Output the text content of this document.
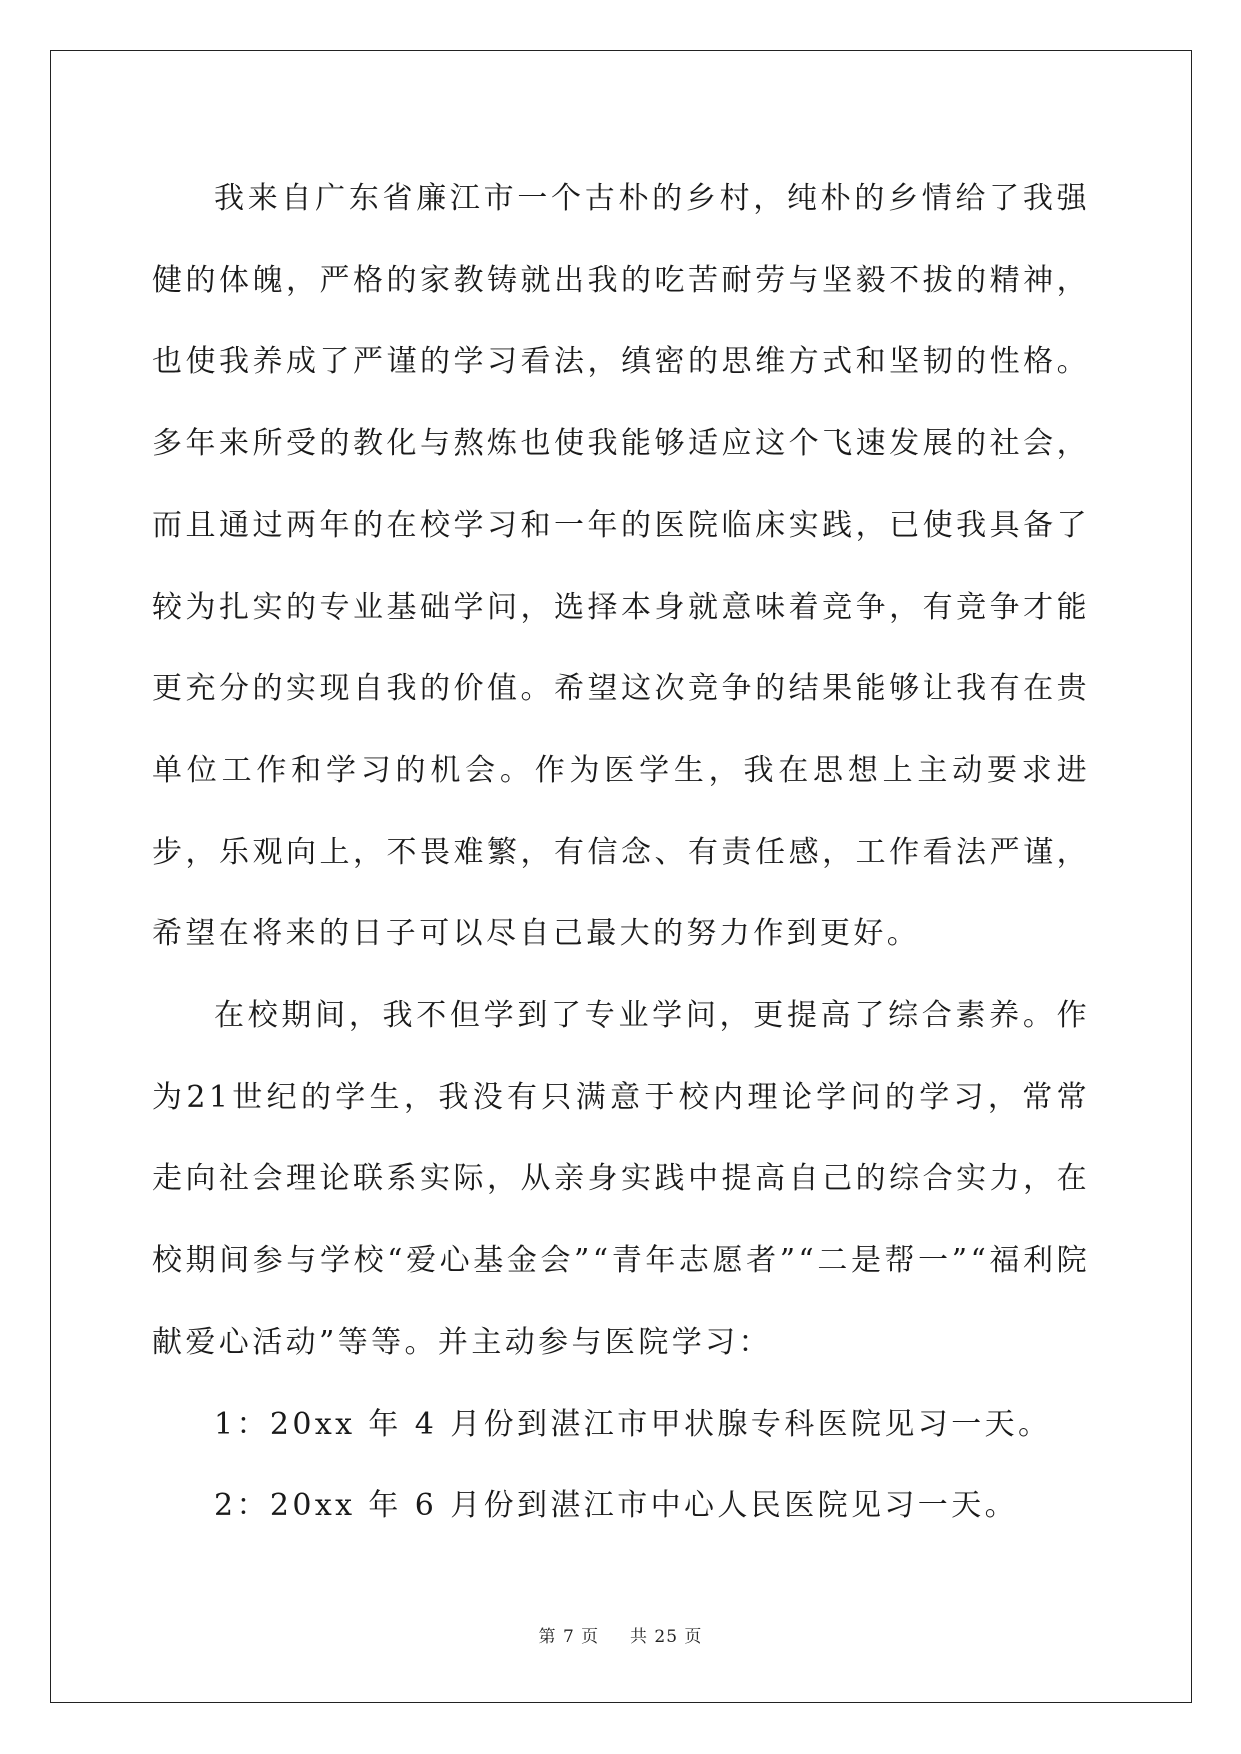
我来自广东省廉江市一个古朴的乡村，纯朴的乡情给了我强健的体魄，严格的家教铸就出我的吃苦耐劳与坚毅不拔的精神，也使我养成了严谨的学习看法，缜密的思维方式和坚韧的性格。多年来所受的教化与熬炼也使我能够适应这个飞速发展的社会，而且通过两年的在校学习和一年的医院临床实践，已使我具备了较为扎实的专业基础学问，选择本身就意味着竞争，有竞争才能更充分的实现自我的价值。希望这次竞争的结果能够让我有在贵单位工作和学习的机会。作为医学生，我在思想上主动要求进步，乐观向上，不畏难繁，有信念、有责任感，工作看法严谨，希望在将来的日子可以尽自己最大的努力作到更好。

在校期间，我不但学到了专业学问，更提高了综合素养。作为21世纪的学生，我没有只满意于校内理论学问的学习，常常走向社会理论联系实际，从亲身实践中提高自己的综合实力，在校期间参与学校“爱心基金会”“青年志愿者”“二是帮一”“福利院献爱心活动”等等。并主动参与医院学习：

1：20xx 年 4 月份到湛江市甲状腺专科医院见习一天。

2：20xx 年 6 月份到湛江市中心人民医院见习一天。

第 7 页 共 25 页
